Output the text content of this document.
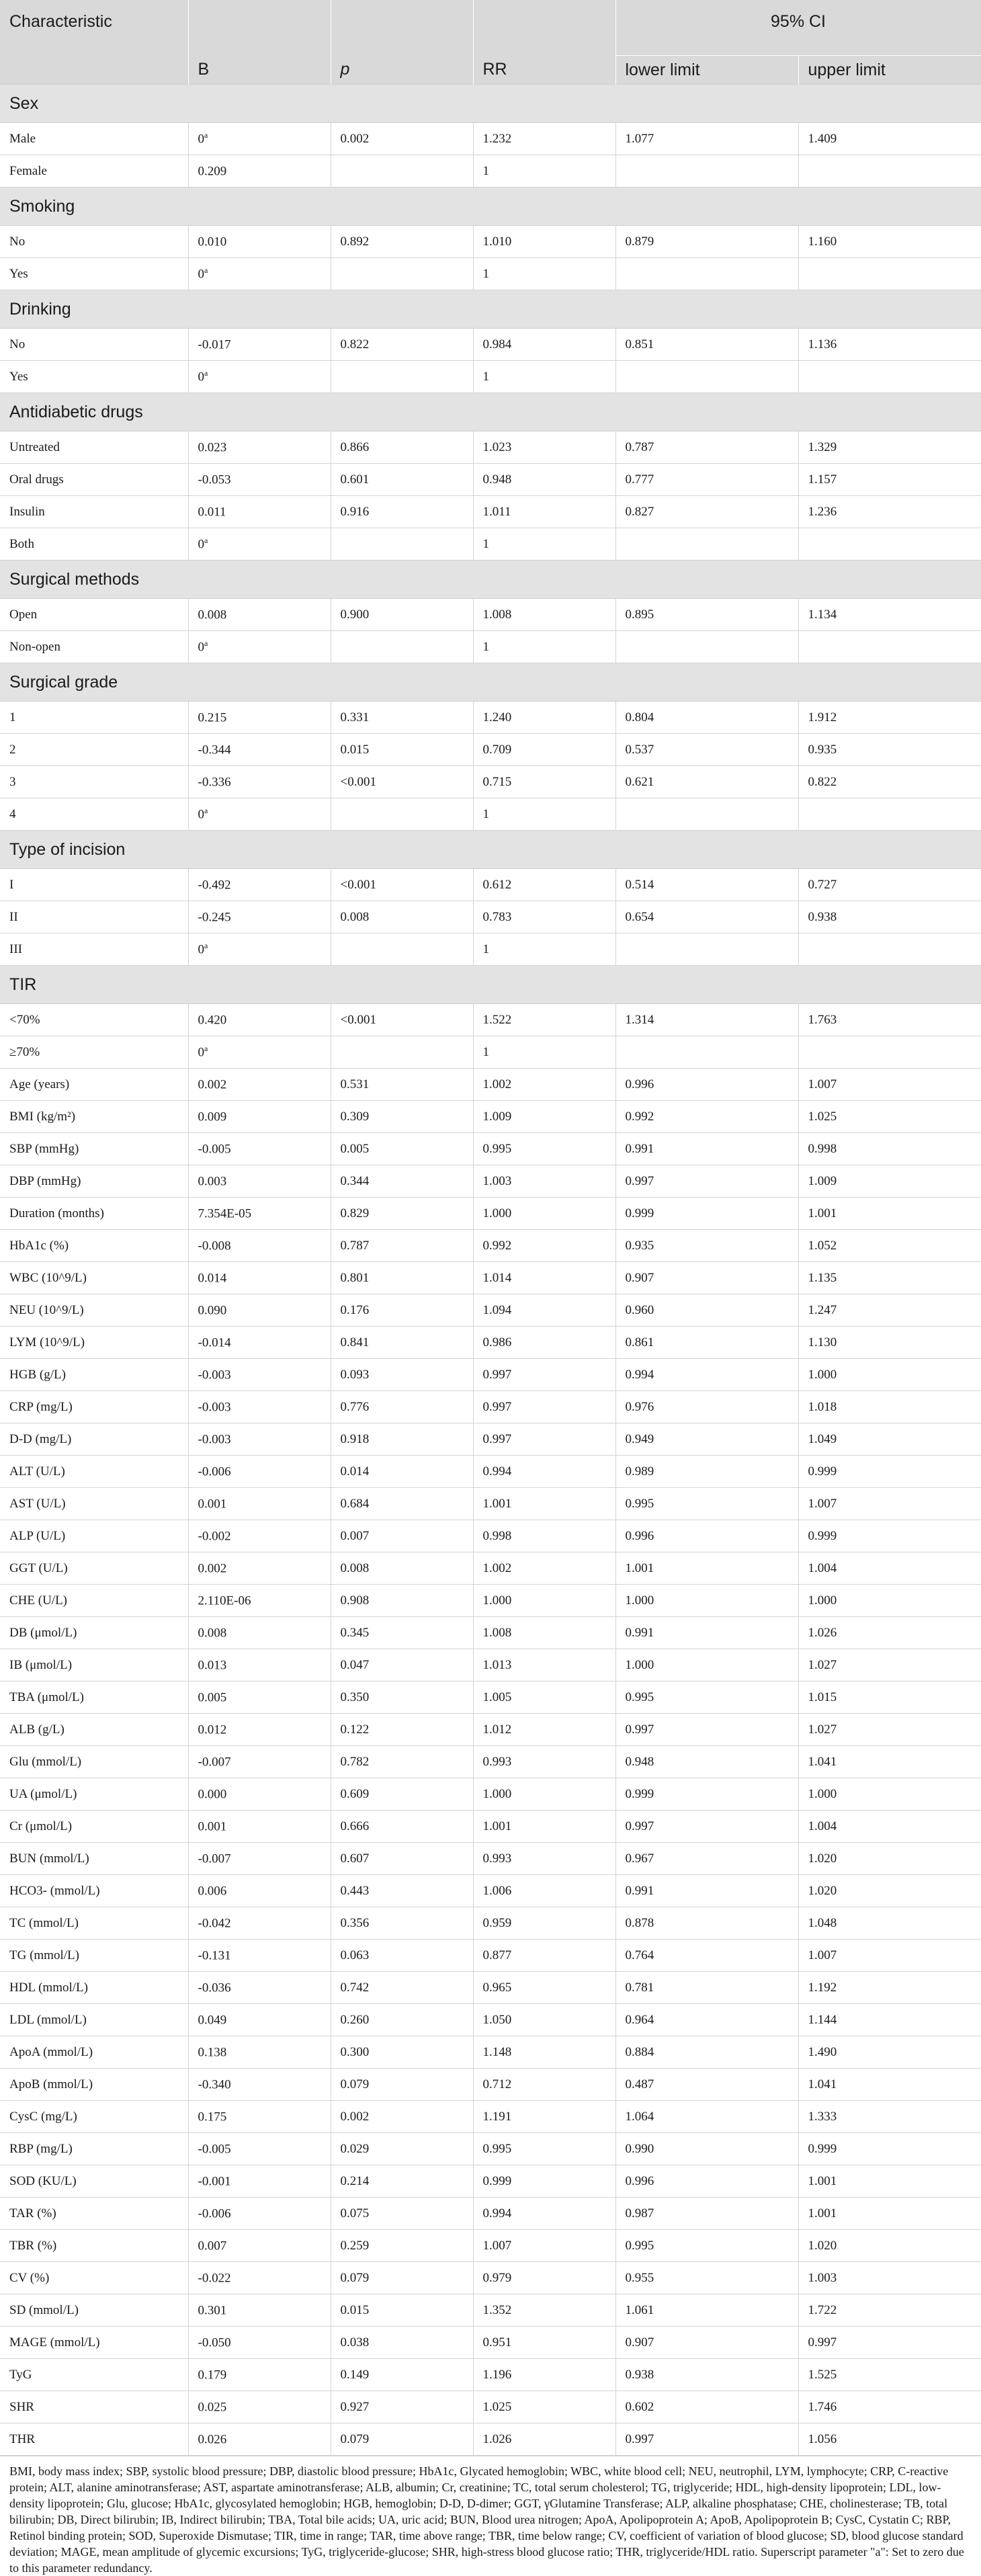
Characteristic				95% CI	
	B	p	RR	lower limit	upper limit
Sex					
Male	0$^a$	0.002	1.232	1.077	1.409
Female	0.209		1		
Smoking					
No	0.010	0.892	1.010	0.879	1.160
Yes	0$^a$		1		
Drinking					
No	-0.017	0.822	0.984	0.851	1.136
Yes	0$^a$		1		
Antidiabetic drugs					
Untreated	0.023	0.866	1.023	0.787	1.329
Oral drugs	-0.053	0.601	0.948	0.777	1.157
Insulin	0.011	0.916	1.011	0.827	1.236
Both	0$^a$		1		
Surgical methods					
Open	0.008	0.900	1.008	0.895	1.134
Non-open	0$^a$		1		
Surgical grade					
1	0.215	0.331	1.240	0.804	1.912
2	-0.344	0.015	0.709	0.537	0.935
3	-0.336	<0.001	0.715	0.621	0.822
4	0$^a$		1		
Type of incision					
I	-0.492	<0.001	0.612	0.514	0.727
II	-0.245	0.008	0.783	0.654	0.938
III	0$^a$		1		
TIR					
<70%	0.420	<0.001	1.522	1.314	1.763
≥70%	0$^a$		1		
Age (years)	0.002	0.531	1.002	0.996	1.007
BMI (kg/m²)	0.009	0.309	1.009	0.992	1.025
SBP (mmHg)	-0.005	0.005	0.995	0.991	0.998
DBP (mmHg)	0.003	0.344	1.003	0.997	1.009
Duration (months)	7.354E-05	0.829	1.000	0.999	1.001
HbA1c (%)	-0.008	0.787	0.992	0.935	1.052
WBC (10^9/L)	0.014	0.801	1.014	0.907	1.135
NEU (10^9/L)	0.090	0.176	1.094	0.960	1.247
LYM (10^9/L)	-0.014	0.841	0.986	0.861	1.130
HGB (g/L)	-0.003	0.093	0.997	0.994	1.000
CRP (mg/L)	-0.003	0.776	0.997	0.976	1.018
D-D (mg/L)	-0.003	0.918	0.997	0.949	1.049
ALT (U/L)	-0.006	0.014	0.994	0.989	0.999
AST (U/L)	0.001	0.684	1.001	0.995	1.007
ALP (U/L)	-0.002	0.007	0.998	0.996	0.999
GGT (U/L)	0.002	0.008	1.002	1.001	1.004
CHE (U/L)	2.110E-06	0.908	1.000	1.000	1.000
DB (μmol/L)	0.008	0.345	1.008	0.991	1.026
IB (μmol/L)	0.013	0.047	1.013	1.000	1.027
TBA (μmol/L)	0.005	0.350	1.005	0.995	1.015
ALB (g/L)	0.012	0.122	1.012	0.997	1.027
Glu (mmol/L)	-0.007	0.782	0.993	0.948	1.041
UA (μmol/L)	0.000	0.609	1.000	0.999	1.000
Cr (μmol/L)	0.001	0.666	1.001	0.997	1.004
BUN (mmol/L)	-0.007	0.607	0.993	0.967	1.020
HCO3- (mmol/L)	0.006	0.443	1.006	0.991	1.020
TC (mmol/L)	-0.042	0.356	0.959	0.878	1.048
TG (mmol/L)	-0.131	0.063	0.877	0.764	1.007
HDL (mmol/L)	-0.036	0.742	0.965	0.781	1.192
LDL (mmol/L)	0.049	0.260	1.050	0.964	1.144
ApoA (mmol/L)	0.138	0.300	1.148	0.884	1.490
ApoB (mmol/L)	-0.340	0.079	0.712	0.487	1.041
CysC (mg/L)	0.175	0.002	1.191	1.064	1.333
RBP (mg/L)	-0.005	0.029	0.995	0.990	0.999
SOD (KU/L)	-0.001	0.214	0.999	0.996	1.001
TAR (%)	-0.006	0.075	0.994	0.987	1.001
TBR (%)	0.007	0.259	1.007	0.995	1.020
CV (%)	-0.022	0.079	0.979	0.955	1.003
SD (mmol/L)	0.301	0.015	1.352	1.061	1.722
MAGE (mmol/L)	-0.050	0.038	0.951	0.907	0.997
TyG	0.179	0.149	1.196	0.938	1.525
SHR	0.025	0.927	1.025	0.602	1.746
THR	0.026	0.079	1.026	0.997	1.056
BMI, body mass index; SBP, systolic blood pressure; DBP, diastolic blood pressure; HbA1c, Glycated hemoglobin; WBC, white blood cell; NEU, neutrophil, LYM, lymphocyte; CRP, C-reactive protein; ALT, alanine aminotransferase; AST, aspartate aminotransferase; ALB, albumin; Cr, creatinine; TC, total serum cholesterol; TG, triglyceride; HDL, high-density lipoprotein; LDL, low-density lipoprotein; Glu, glucose; HbA1c, glycosylated hemoglobin; HGB, hemoglobin; D-D, D-dimer; GGT, γGlutamine Transferase; ALP, alkaline phosphatase; CHE, cholinesterase; TB, total bilirubin; DB, Direct bilirubin; IB, Indirect bilirubin; TBA, Total bile acids; UA, uric acid; BUN, Blood urea nitrogen; ApoA, Apolipoprotein A; ApoB, Apolipoprotein B; CysC, Cystatin C; RBP, Retinol binding protein; SOD, Superoxide Dismutase; TIR, time in range; TAR, time above range; TBR, time below range; CV, coefficient of variation of blood glucose; SD, blood glucose standard deviation; MAGE, mean amplitude of glycemic excursions; TyG, triglyceride-glucose; SHR, high-stress blood glucose ratio; THR, triglyceride/HDL ratio. Superscript parameter "a": Set to zero due to this parameter redundancy.
